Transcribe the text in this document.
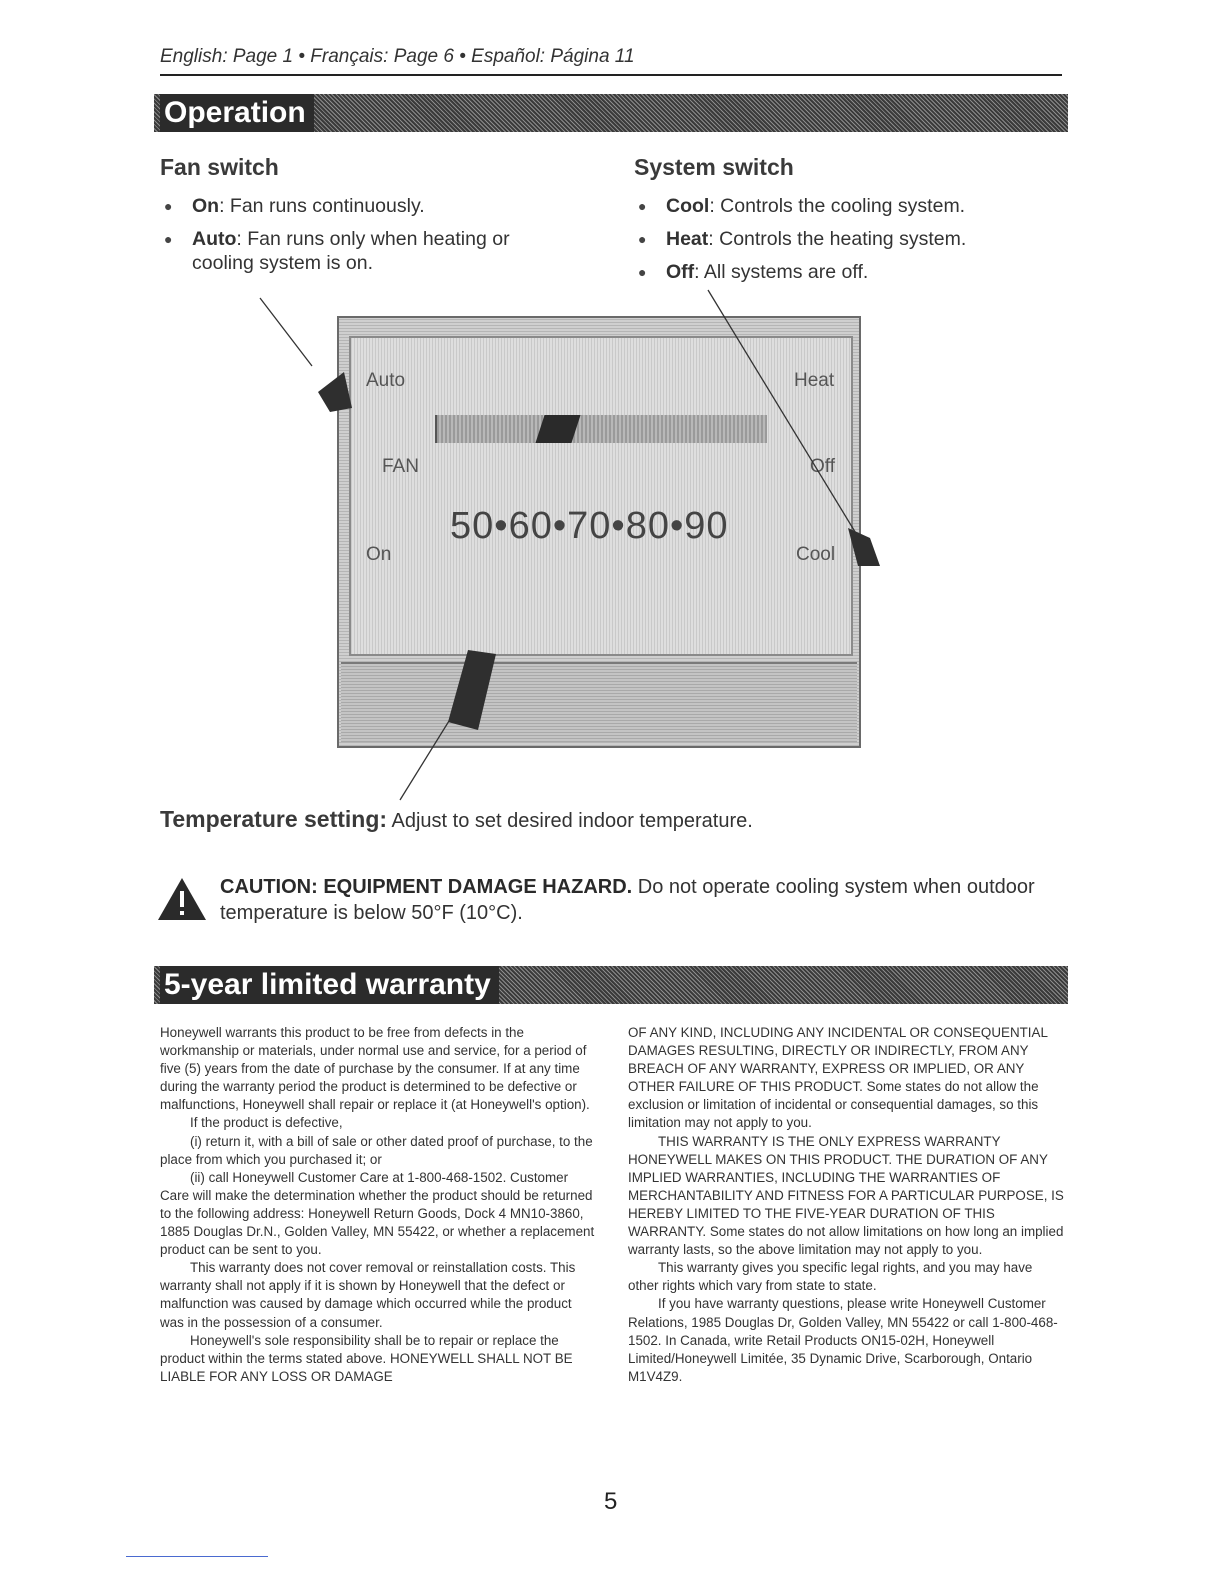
English: Page 1 • Français: Page 6 • Español: Página 11
Operation
Fan switch
● On: Fan runs continuously.
● Auto: Fan runs only when heating or cooling system is on.
System switch
● Cool: Controls the cooling system.
● Heat: Controls the heating system.
● Off: All systems are off.
Auto
FAN
On
Heat
Off
Cool
50•60•70•80•90
Temperature setting: Adjust to set desired indoor temperature.
CAUTION: EQUIPMENT DAMAGE HAZARD. Do not operate cooling system when outdoor temperature is below 50°F (10°C).
5-year limited warranty

Honeywell warrants this product to be free from defects in the workmanship or materials, under normal use and service, for a period of five (5) years from the date of purchase by the consumer. If at any time during the warranty period the product is determined to be defective or malfunctions, Honeywell shall repair or replace it (at Honeywell's option).

If the product is defective,

(i) return it, with a bill of sale or other dated proof of purchase, to the place from which you purchased it; or

(ii) call Honeywell Customer Care at 1-800-468-1502. Customer Care will make the determination whether the product should be returned to the following address: Honeywell Return Goods, Dock 4 MN10-3860, 1885 Douglas Dr.N., Golden Valley, MN 55422, or whether a replacement product can be sent to you.

This warranty does not cover removal or reinstallation costs. This warranty shall not apply if it is shown by Honeywell that the defect or malfunction was caused by damage which occurred while the product was in the possession of a consumer.

Honeywell's sole responsibility shall be to repair or replace the product within the terms stated above. HONEYWELL SHALL NOT BE LIABLE FOR ANY LOSS OR DAMAGE

OF ANY KIND, INCLUDING ANY INCIDENTAL OR CONSEQUENTIAL DAMAGES RESULTING, DIRECTLY OR INDIRECTLY, FROM ANY BREACH OF ANY WARRANTY, EXPRESS OR IMPLIED, OR ANY OTHER FAILURE OF THIS PRODUCT. Some states do not allow the exclusion or limitation of incidental or consequential damages, so this limitation may not apply to you.

THIS WARRANTY IS THE ONLY EXPRESS WARRANTY HONEYWELL MAKES ON THIS PRODUCT. THE DURATION OF ANY IMPLIED WARRANTIES, INCLUDING THE WARRANTIES OF MERCHANTABILITY AND FITNESS FOR A PARTICULAR PURPOSE, IS HEREBY LIMITED TO THE FIVE-YEAR DURATION OF THIS WARRANTY. Some states do not allow limitations on how long an implied warranty lasts, so the above limitation may not apply to you.

This warranty gives you specific legal rights, and you may have other rights which vary from state to state.

If you have warranty questions, please write Honeywell Customer Relations, 1985 Douglas Dr, Golden Valley, MN 55422 or call 1-800-468-1502. In Canada, write Retail Products ON15-02H, Honeywell Limited/Honeywell Limitée, 35 Dynamic Drive, Scarborough, Ontario M1V4Z9.

5
